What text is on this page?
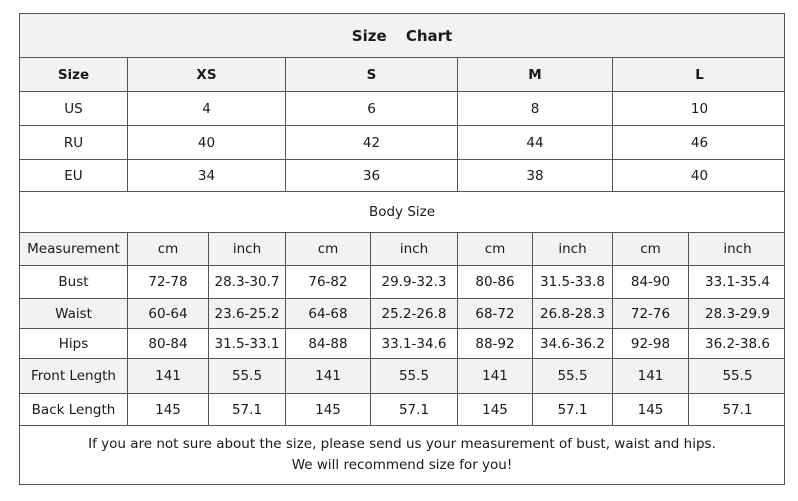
Size Chart
Size	XS	S	M	L
US	4	6	8	10
RU	40	42	44	46
EU	34	36	38	40
Body Size
Measurement	cm	inch	cm	inch	cm	inch	cm	inch
Bust	72-78	28.3-30.7	76-82	29.9-32.3	80-86	31.5-33.8	84-90	33.1-35.4
Waist	60-64	23.6-25.2	64-68	25.2-26.8	68-72	26.8-28.3	72-76	28.3-29.9
Hips	80-84	31.5-33.1	84-88	33.1-34.6	88-92	34.6-36.2	92-98	36.2-38.6
Front Length	141	55.5	141	55.5	141	55.5	141	55.5
Back Length	145	57.1	145	57.1	145	57.1	145	57.1
If you are not sure about the size, please send us your measurement of bust, waist and hips.
We will recommend size for you!
